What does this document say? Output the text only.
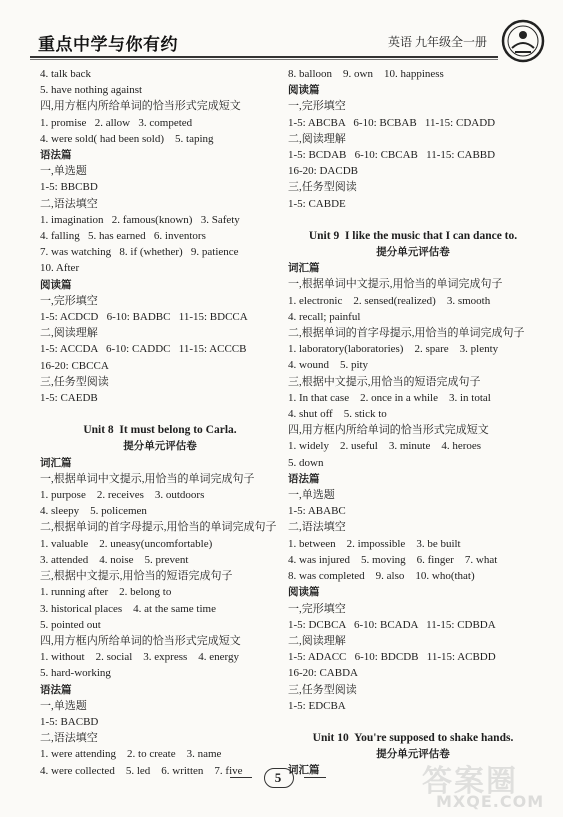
重点中学与你有约	英语 九年级全一册
4. talk back
5. have nothing against
四,用方框内所给单词的恰当形式完成短文
1. promise   2. allow   3. competed
4. were sold( had been sold)    5. taping
语法篇
一,单选题
1-5: BBCBD
二,语法填空
1. imagination   2. famous(known)   3. Safety
4. falling   5. has earned   6. inventors
7. was watching   8. if (whether)   9. patience
10. After
阅读篇
一,完形填空
1-5: ACDCD   6-10: BADBC   11-15: BDCCA
二,阅读理解
1-5: ACCDA   6-10: CADDC   11-15: ACCCB
16-20: CBCCA
三,任务型阅读
1-5: CAEDB
Unit 8  It must belong to Carla.
提分单元评估卷
词汇篇
一,根据单词中文提示,用恰当的单词完成句子
1. purpose    2. receives    3. outdoors
4. sleepy    5. policemen
二,根据单词的首字母提示,用恰当的单词完成句子
1. valuable    2. uneasy(uncomfortable)
3. attended    4. noise    5. prevent
三,根据中文提示,用恰当的短语完成句子
1. running after    2. belong to
3. historical places    4. at the same time
5. pointed out
四,用方框内所给单词的恰当形式完成短文
1. without    2. social    3. express    4. energy
5. hard-working
语法篇
一,单选题
1-5: BACBD
二,语法填空
1. were attending    2. to create    3. name
4. were collected    5. led    6. written    7. five
8. balloon    9. own    10. happiness
阅读篇
一,完形填空
1-5: ABCBA   6-10: BCBAB   11-15: CDADD
二,阅读理解
1-5: BCDAB   6-10: CBCAB   11-15: CABBD
16-20: DACDB
三,任务型阅读
1-5: CABDE
Unit 9  I like the music that I can dance to.
提分单元评估卷
词汇篇
一,根据单词中文提示,用恰当的单词完成句子
1. electronic    2. sensed(realized)    3. smooth
4. recall; painful
二,根据单词的首字母提示,用恰当的单词完成句子
1. laboratory(laboratories)    2. spare    3. plenty
4. wound    5. pity
三,根据中文提示,用恰当的短语完成句子
1. In that case    2. once in a while    3. in total
4. shut off    5. stick to
四,用方框内所给单词的恰当形式完成短文
1. widely    2. useful    3. minute    4. heroes
5. down
语法篇
一,单选题
1-5: ABABC
二,语法填空
1. between    2. impossible    3. be built
4. was injured    5. moving    6. finger    7. what
8. was completed    9. also    10. who(that)
阅读篇
一,完形填空
1-5: DCBCA   6-10: BCADA   11-15: CDBDA
二,阅读理解
1-5: ADACC   6-10: BDCDB   11-15: ACBDD
16-20: CABDA
三,任务型阅读
1-5: EDCBA
Unit 10  You're supposed to shake hands.
提分单元评估卷
词汇篇
5	答案圈
MXQE.COM
